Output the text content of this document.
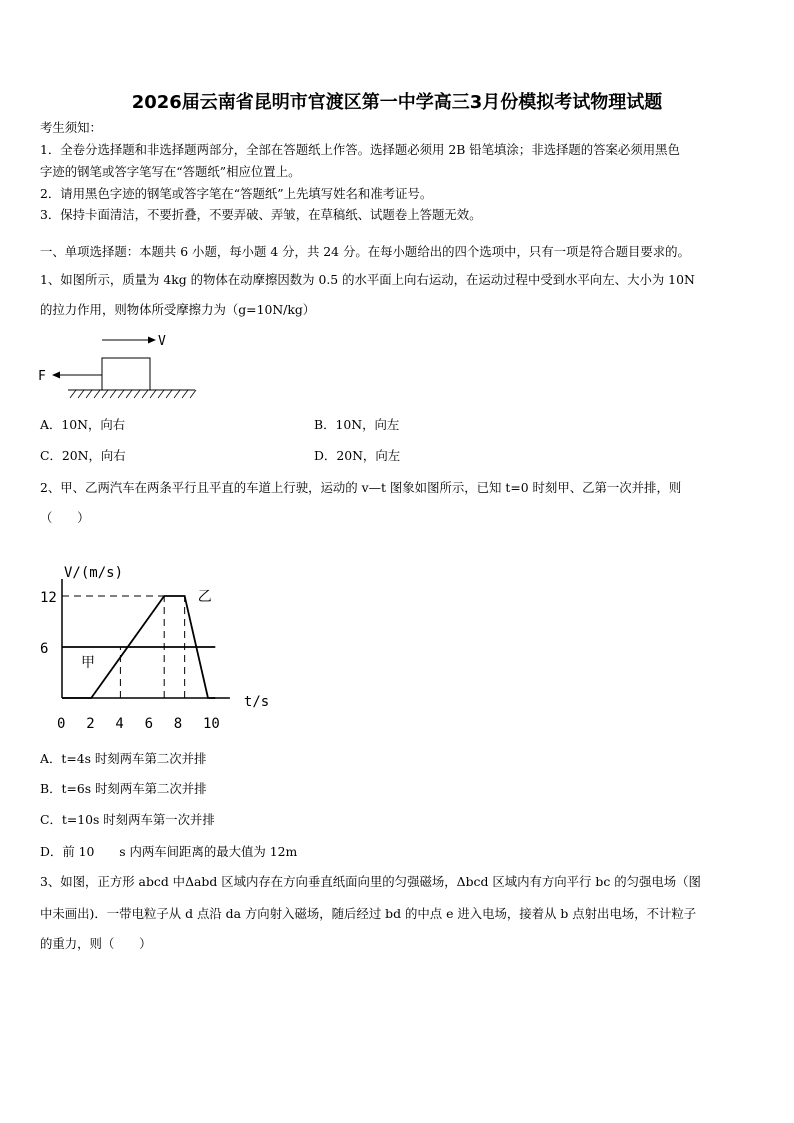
2026届云南省昆明市官渡区第一中学高三3月份模拟考试物理试题
考生须知：
1．全卷分选择题和非选择题两部分，全部在答题纸上作答。选择题必须用 2B 铅笔填涂；非选择题的答案必须用黑色
字迹的钢笔或答字笔写在“答题纸”相应位置上。
2．请用黑色字迹的钢笔或答字笔在“答题纸”上先填写姓名和准考证号。
3．保持卡面清洁，不要折叠，不要弄破、弄皱，在草稿纸、试题卷上答题无效。
一、单项选择题：本题共 6 小题，每小题 4 分，共 24 分。在每小题给出的四个选项中，只有一项是符合题目要求的。
1、如图所示，质量为 4kg 的物体在动摩擦因数为 0.5 的水平面上向右运动，在运动过程中受到水平向左、大小为 10N
的拉力作用，则物体所受摩擦力为（g=10N/kg）
V
F
A．10N，向右	B．10N，向左
C．20N，向右	D．20N，向左
2、甲、乙两汽车在两条平行且平直的车道上行驶，运动的 v—t 图象如图所示，已知 t=0 时刻甲、乙第一次并排，则
（　　）
V/(m/s)
t/s
0 2 4 6 8 10
6
12
甲
乙
A．t=4s 时刻两车第二次并排
B．t=6s 时刻两车第二次并排
C．t=10s 时刻两车第一次并排
D．前 10　　s 内两车间距离的最大值为 12m
3、如图，正方形 abcd 中Δabd 区域内存在方向垂直纸面向里的匀强磁场，Δbcd 区域内有方向平行 bc 的匀强电场（图
中未画出)．一带电粒子从 d 点沿 da 方向射入磁场，随后经过 bd 的中点 e 进入电场，接着从 b 点射出电场，不计粒子
的重力，则（　　）
